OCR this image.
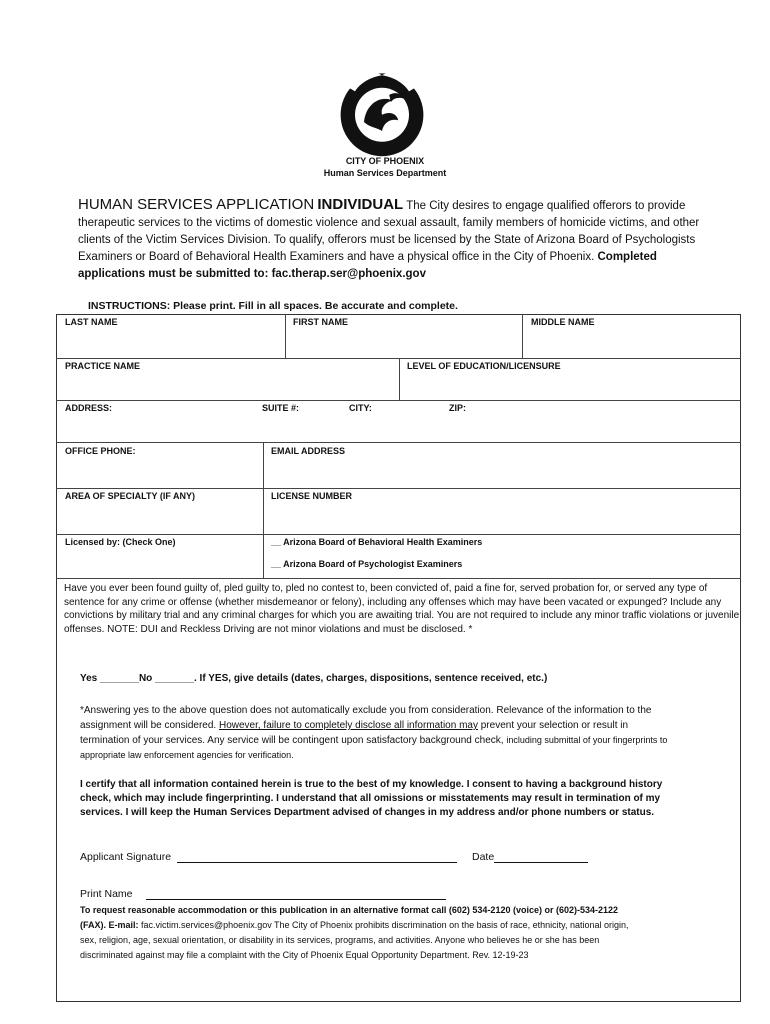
CITY OF PHOENIX
Human Services Department
HUMAN SERVICES APPLICATION INDIVIDUAL The City desires to engage qualified offerors to provide therapeutic services to the victims of domestic violence and sexual assault, family members of homicide victims, and other clients of the Victim Services Division. To qualify, offerors must be licensed by the State of Arizona Board of Psychologists Examiners or Board of Behavioral Health Examiners and have a physical office in the City of Phoenix. Completed applications must be submitted to: fac.therap.ser@phoenix.gov
INSTRUCTIONS: Please print. Fill in all spaces. Be accurate and complete.
LAST NAME	FIRST NAME	MIDDLE NAME
PRACTICE NAME	LEVEL OF EDUCATION/LICENSURE
ADDRESS:	SUITE #:	CITY:	ZIP:
OFFICE PHONE:	EMAIL ADDRESS
AREA OF SPECIALTY (IF ANY)	LICENSE NUMBER
Licensed by: (Check One)	__ Arizona Board of Behavioral Health Examiners
__ Arizona Board of Psychologist Examiners
Have you ever been found guilty of, pled guilty to, pled no contest to, been convicted of, paid a fine for, served probation for, or served any type of sentence for any crime or offense (whether misdemeanor or felony), including any offenses which may have been vacated or expunged? Include any convictions by military trial and any criminal charges for which you are awaiting trial. You are not required to include any minor traffic violations or juvenile offenses. NOTE: DUI and Reckless Driving are not minor violations and must be disclosed. *
Yes _______No _______. If YES, give details (dates, charges, dispositions, sentence received, etc.)
*Answering yes to the above question does not automatically exclude you from consideration. Relevance of the information to the assignment will be considered. However, failure to completely disclose all information may prevent your selection or result in termination of your services. Any service will be contingent upon satisfactory background check, including submittal of your fingerprints to appropriate law enforcement agencies for verification.
I certify that all information contained herein is true to the best of my knowledge. I consent to having a background history check, which may include fingerprinting. I understand that all omissions or misstatements may result in termination of my services. I will keep the Human Services Department advised of changes in my address and/or phone numbers or status.
Applicant Signature	Date
Print Name
To request reasonable accommodation or this publication in an alternative format call (602) 534-2120 (voice) or (602)-534-2122 (FAX). E-mail: fac.victim.services@phoenix.gov The City of Phoenix prohibits discrimination on the basis of race, ethnicity, national origin, sex, religion, age, sexual orientation, or disability in its services, programs, and activities. Anyone who believes he or she has been discriminated against may file a complaint with the City of Phoenix Equal Opportunity Department. Rev. 12-19-23
